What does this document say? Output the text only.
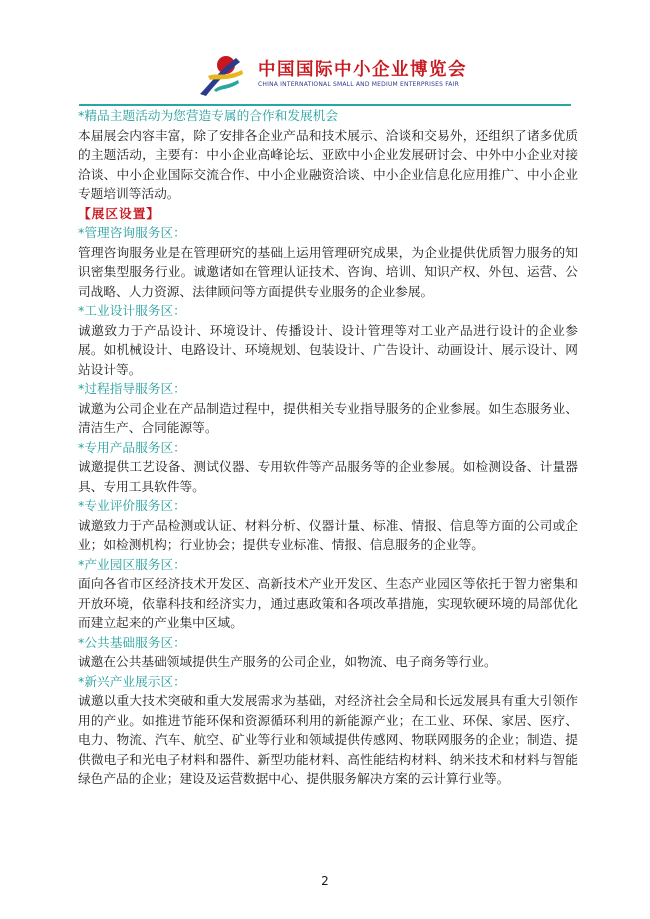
中国国际中小企业博览会
CHINA INTERNATIONAL SMALL AND MEDIUM ENTERPRISES FAIR

*精品主题活动为您营造专属的合作和发展机会

本届展会内容丰富，除了安排各企业产品和技术展示、洽谈和交易外，还组织了诸多优质的主题活动，主要有：中小企业高峰论坛、亚欧中小企业发展研讨会、中外中小企业对接洽谈、中小企业国际交流合作、中小企业融资洽谈、中小企业信息化应用推广、中小企业专题培训等活动。

【展区设置】

*管理咨询服务区：

管理咨询服务业是在管理研究的基础上运用管理研究成果，为企业提供优质智力服务的知识密集型服务行业。诚邀诸如在管理认证技术、咨询、培训、知识产权、外包、运营、公司战略、人力资源、法律顾问等方面提供专业服务的企业参展。

*工业设计服务区：

诚邀致力于产品设计、环境设计、传播设计、设计管理等对工业产品进行设计的企业参展。如机械设计、电路设计、环境规划、包装设计、广告设计、动画设计、展示设计、网站设计等。

*过程指导服务区：

诚邀为公司企业在产品制造过程中，提供相关专业指导服务的企业参展。如生态服务业、清洁生产、合同能源等。

*专用产品服务区：

诚邀提供工艺设备、测试仪器、专用软件等产品服务等的企业参展。如检测设备、计量器具、专用工具软件等。

*专业评价服务区：

诚邀致力于产品检测或认证、材料分析、仪器计量、标准、情报、信息等方面的公司或企业；如检测机构；行业协会；提供专业标准、情报、信息服务的企业等。

*产业园区服务区：

面向各省市区经济技术开发区、高新技术产业开发区、生态产业园区等依托于智力密集和开放环境，依靠科技和经济实力，通过惠政策和各项改革措施，实现软硬环境的局部优化而建立起来的产业集中区域。

*公共基础服务区：

诚邀在公共基础领域提供生产服务的公司企业，如物流、电子商务等行业。

*新兴产业展示区：

诚邀以重大技术突破和重大发展需求为基础，对经济社会全局和长远发展具有重大引领作用的产业。如推进节能环保和资源循环利用的新能源产业；在工业、环保、家居、医疗、电力、物流、汽车、航空、矿业等行业和领域提供传感网、物联网服务的企业；制造、提供微电子和光电子材料和器件、新型功能材料、高性能结构材料、纳米技术和材料与智能绿色产品的企业；建设及运营数据中心、提供服务解决方案的云计算行业等。

2
